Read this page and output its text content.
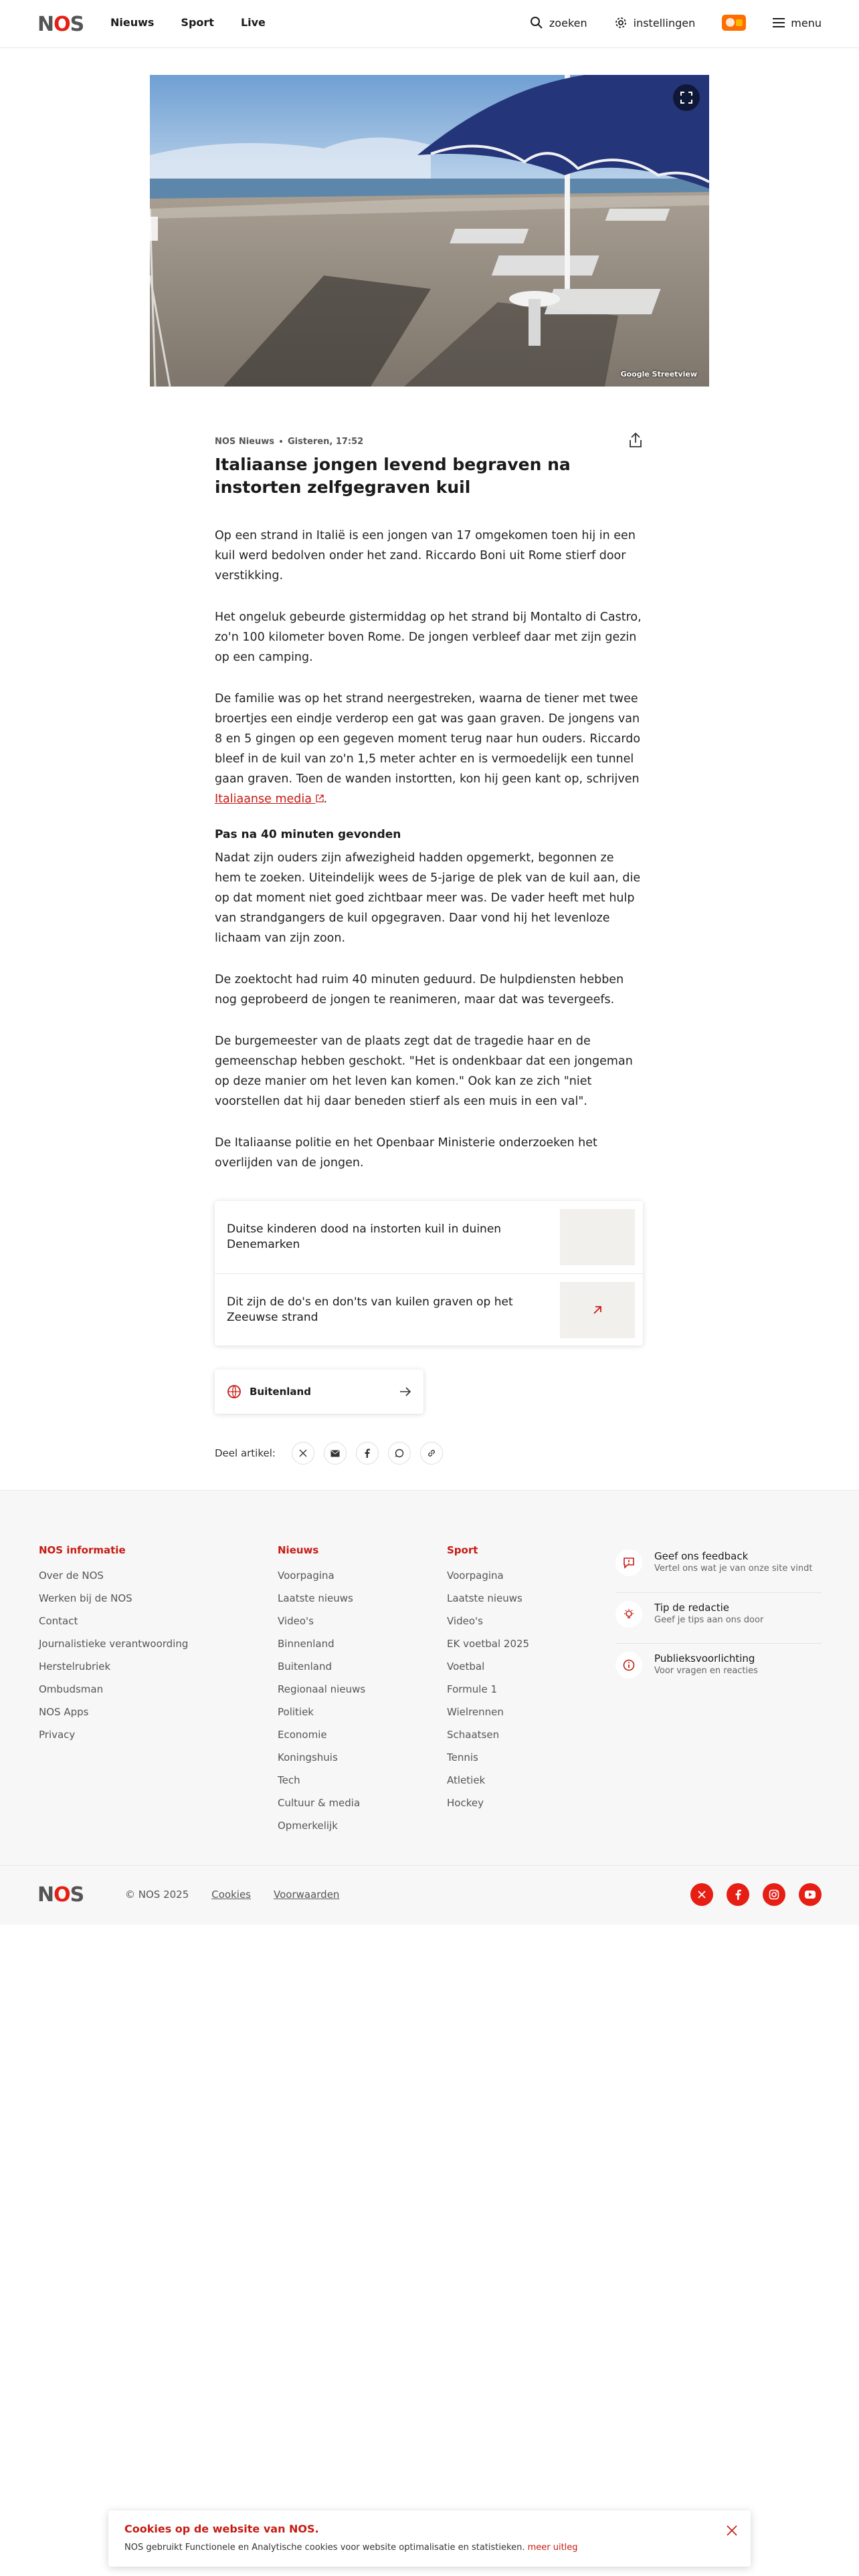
NOS Nieuws	Sport	Live	zoeken	instellingen	menu
Google Streetview
NOS Nieuws Gisteren, 17:52
Italiaanse jongen levend begraven na instorten zelfgegraven kuil

Op een strand in Italië is een jongen van 17 omgekomen toen hij in een kuil werd bedolven onder het zand. Riccardo Boni uit Rome stierf door verstikking.

Het ongeluk gebeurde gistermiddag op het strand bij Montalto di Castro, zo'n 100 kilometer boven Rome. De jongen verbleef daar met zijn gezin op een camping.

De familie was op het strand neergestreken, waarna de tiener met twee broertjes een eindje verderop een gat was gaan graven. De jongens van 8 en 5 gingen op een gegeven moment terug naar hun ouders. Riccardo bleef in de kuil van zo'n 1,5 meter achter en is vermoedelijk een tunnel gaan graven. Toen de wanden instortten, kon hij geen kant op, schrijven Italiaanse media .

Pas na 40 minuten gevonden

Nadat zijn ouders zijn afwezigheid hadden opgemerkt, begonnen ze hem te zoeken. Uiteindelijk wees de 5-jarige de plek van de kuil aan, die op dat moment niet goed zichtbaar meer was. De vader heeft met hulp van strandgangers de kuil opgegraven. Daar vond hij het levenloze lichaam van zijn zoon.

De zoektocht had ruim 40 minuten geduurd. De hulpdiensten hebben nog geprobeerd de jongen te reanimeren, maar dat was tevergeefs.

De burgemeester van de plaats zegt dat de tragedie haar en de gemeenschap hebben geschokt. "Het is ondenkbaar dat een jongeman op deze manier om het leven kan komen." Ook kan ze zich "niet voorstellen dat hij daar beneden stierf als een muis in een val".

De Italiaanse politie en het Openbaar Ministerie onderzoeken het overlijden van de jongen.

Duitse kinderen dood na instorten kuil in duinen Denemarken
Dit zijn de do's en don'ts van kuilen graven op het Zeeuwse strand
Buitenland
Deel artikel:
NOS informatie
Over de NOS
Werken bij de NOS
Contact
Journalistieke verantwoording
Herstelrubriek
Ombudsman
NOS Apps
Privacy
Nieuws
Voorpagina
Laatste nieuws
Video's
Binnenland
Buitenland
Regionaal nieuws
Politiek
Economie
Koningshuis
Tech
Cultuur & media
Opmerkelijk
Sport
Voorpagina
Laatste nieuws
Video's
EK voetbal 2025
Voetbal
Formule 1
Wielrennen
Schaatsen
Tennis
Atletiek
Hockey
Geef ons feedback
Vertel ons wat je van onze site vindt
Tip de redactie
Geef je tips aan ons door
Publieksvoorlichting
Voor vragen en reacties
NOS	© NOS 2025 Cookies Voorwaarden
Cookies op de website van NOS.
NOS gebruikt Functionele en Analytische cookies voor website optimalisatie en statistieken. meer uitleg
